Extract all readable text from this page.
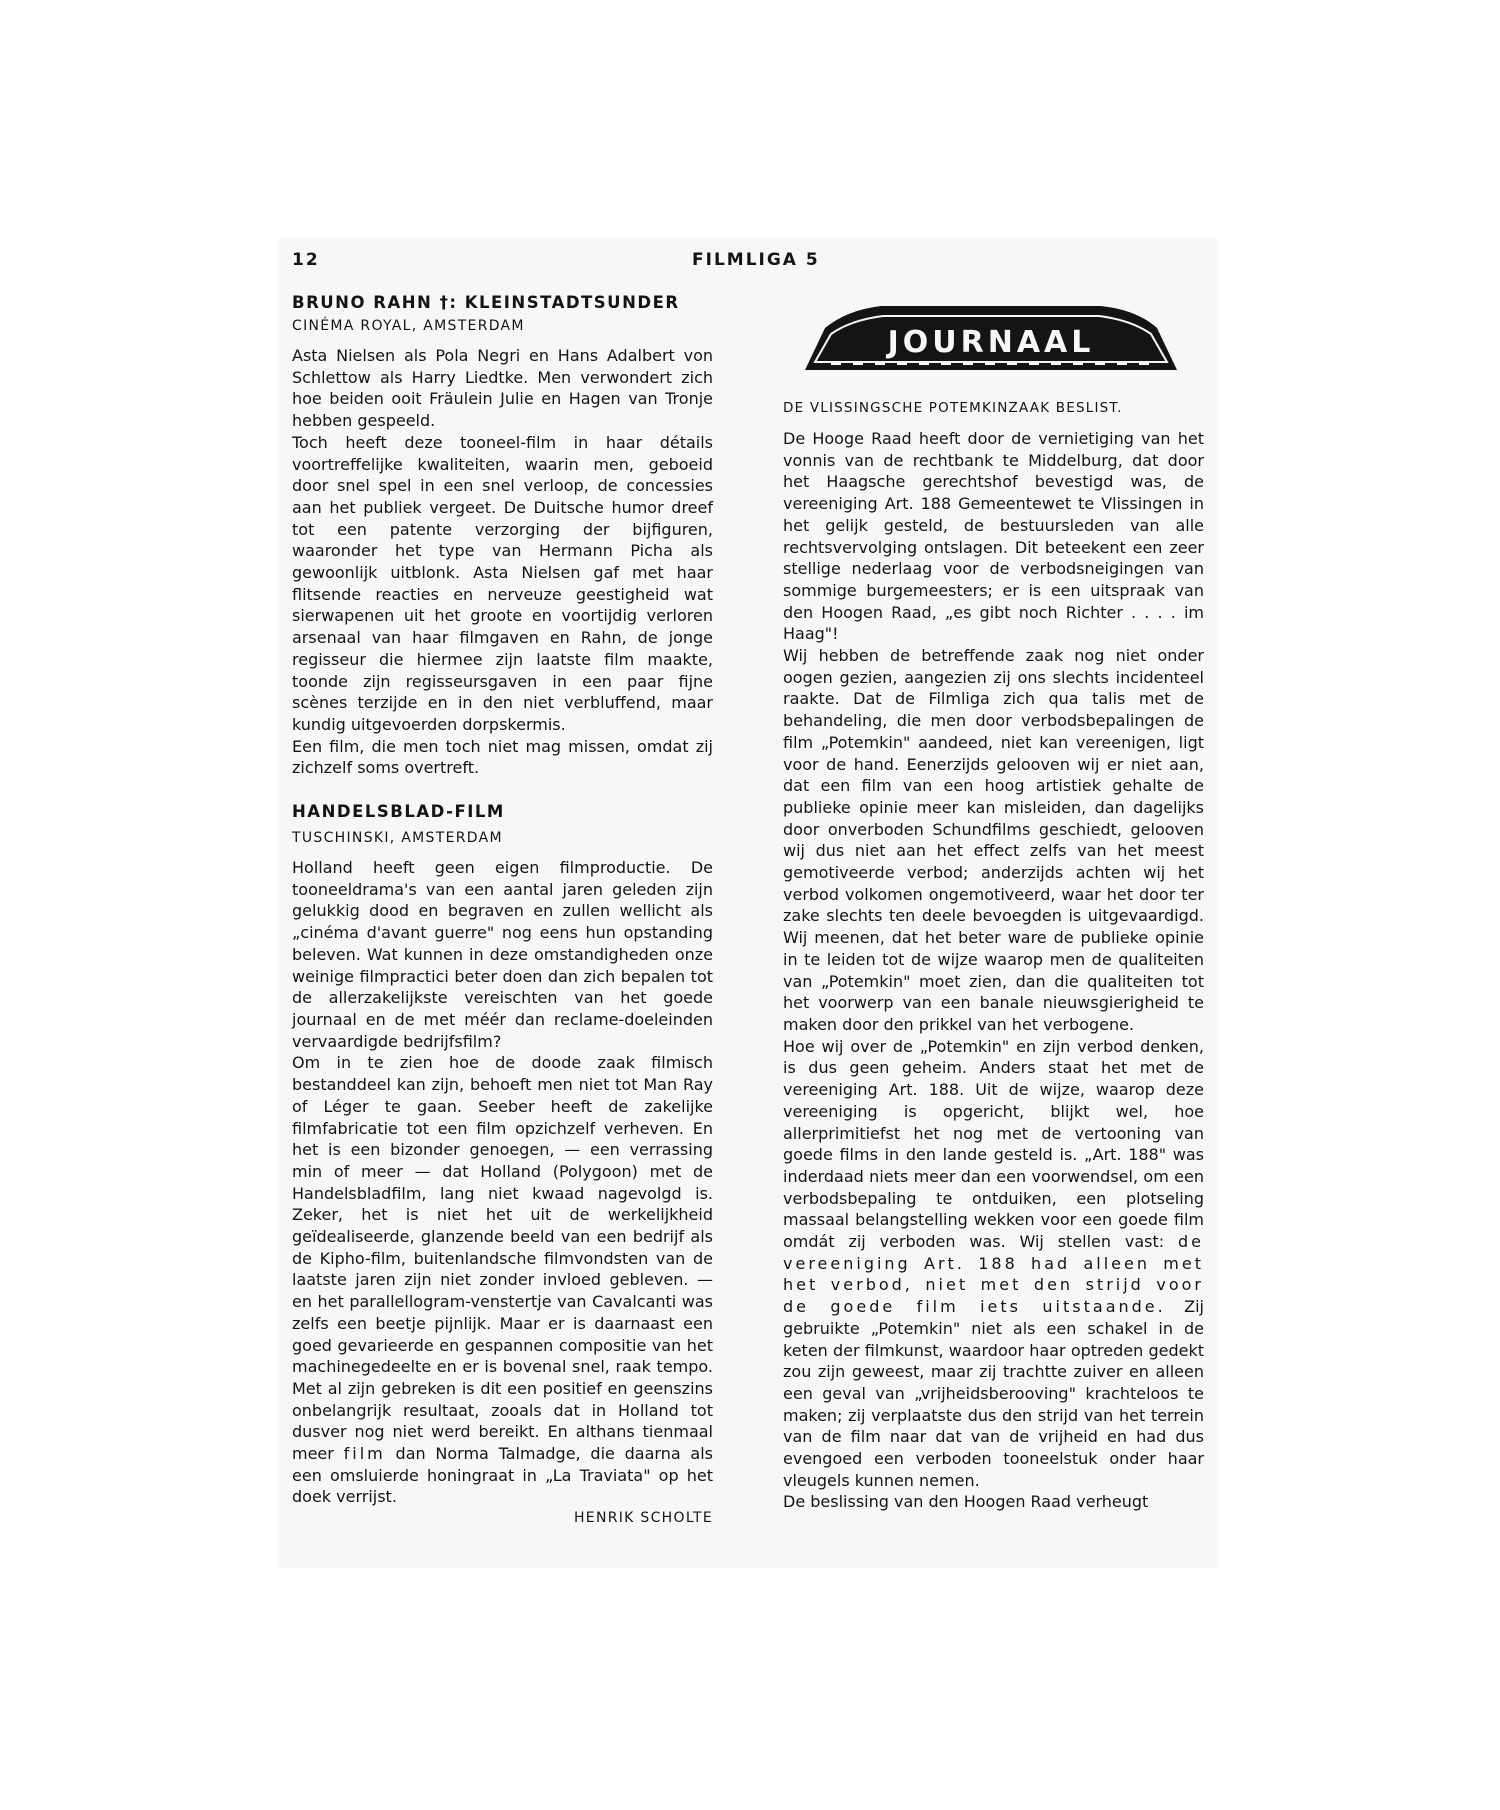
12	FILMLIGA 5

BRUNO RAHN †: KLEINSTADTSUNDER

CINÉMA ROYAL, AMSTERDAM

Asta Nielsen als Pola Negri en Hans Adalbert von Schlettow als Harry Liedtke. Men verwondert zich hoe beiden ooit Fräulein Julie en Hagen van Tronje hebben gespeeld.

Toch heeft deze tooneel-film in haar détails voortreffelijke kwaliteiten, waarin men, geboeid door snel spel in een snel verloop, de concessies aan het publiek vergeet. De Duitsche humor dreef tot een patente verzorging der bijfiguren, waaronder het type van Hermann Picha als gewoonlijk uitblonk. Asta Nielsen gaf met haar flitsende reacties en nerveuze geestigheid wat sierwapenen uit het groote en voortijdig verloren arsenaal van haar filmgaven en Rahn, de jonge regisseur die hiermee zijn laatste film maakte, toonde zijn regisseursgaven in een paar fijne scènes terzijde en in den niet verbluffend, maar kundig uitgevoerden dorpskermis.

Een film, die men toch niet mag missen, omdat zij zichzelf soms overtreft.

HANDELSBLAD-FILM

TUSCHINSKI, AMSTERDAM

Holland heeft geen eigen filmproductie. De tooneeldrama's van een aantal jaren geleden zijn gelukkig dood en begraven en zullen wellicht als „cinéma d'avant guerre" nog eens hun opstanding beleven. Wat kunnen in deze omstandigheden onze weinige filmpractici beter doen dan zich bepalen tot de allerzakelijkste vereischten van het goede journaal en de met méér dan reclame-doeleinden vervaardigde bedrijfsfilm?

Om in te zien hoe de doode zaak filmisch bestanddeel kan zijn, behoeft men niet tot Man Ray of Léger te gaan. Seeber heeft de zakelijke filmfabricatie tot een film opzichzelf verheven. En het is een bizonder genoegen, — een verrassing min of meer — dat Holland (Polygoon) met de Handelsbladfilm, lang niet kwaad nagevolgd is. Zeker, het is niet het uit de werkelijkheid geïdealiseerde, glanzende beeld van een bedrijf als de Kipho-film, buitenlandsche filmvondsten van de laatste jaren zijn niet zonder invloed gebleven. — en het parallellogram-venstertje van Cavalcanti was zelfs een beetje pijnlijk. Maar er is daarnaast een goed gevarieerde en gespannen compositie van het machinegedeelte en er is bovenal snel, raak tempo. Met al zijn gebreken is dit een positief en geenszins onbelangrijk resultaat, zooals dat in Holland tot dusver nog niet werd bereikt. En althans tienmaal meer film dan Norma Talmadge, die daarna als een omsluierde honingraat in „La Traviata" op het doek verrijst.

HENRIK SCHOLTE

JOURNAAL

DE VLISSINGSCHE POTEMKINZAAK BESLIST.

De Hooge Raad heeft door de vernietiging van het vonnis van de rechtbank te Middelburg, dat door het Haagsche gerechtshof bevestigd was, de vereeniging Art. 188 Gemeentewet te Vlissingen in het gelijk gesteld, de bestuursleden van alle rechtsvervolging ontslagen. Dit beteekent een zeer stellige nederlaag voor de verbodsneigingen van sommige burgemeesters; er is een uitspraak van den Hoogen Raad, „es gibt noch Richter . . . . im Haag"!

Wij hebben de betreffende zaak nog niet onder oogen gezien, aangezien zij ons slechts incidenteel raakte. Dat de Filmliga zich qua talis met de behandeling, die men door verbodsbepalingen de film „Potemkin" aandeed, niet kan vereenigen, ligt voor de hand. Eenerzijds gelooven wij er niet aan, dat een film van een hoog artistiek gehalte de publieke opinie meer kan misleiden, dan dagelijks door onverboden Schundfilms geschiedt, gelooven wij dus niet aan het effect zelfs van het meest gemotiveerde verbod; anderzijds achten wij het verbod volkomen ongemotiveerd, waar het door ter zake slechts ten deele bevoegden is uitgevaardigd. Wij meenen, dat het beter ware de publieke opinie in te leiden tot de wijze waarop men de qualiteiten van „Potemkin" moet zien, dan die qualiteiten tot het voorwerp van een banale nieuwsgierigheid te maken door den prikkel van het verbogene.

Hoe wij over de „Potemkin" en zijn verbod denken, is dus geen geheim. Anders staat het met de vereeniging Art. 188. Uit de wijze, waarop deze vereeniging is opgericht, blijkt wel, hoe allerprimitiefst het nog met de vertooning van goede films in den lande gesteld is. „Art. 188" was inderdaad niets meer dan een voorwendsel, om een verbodsbepaling te ontduiken, een plotseling massaal belangstelling wekken voor een goede film omdát zij verboden was. Wij stellen vast: de vereeniging Art. 188 had alleen met het verbod, niet met den strijd voor de goede film iets uitstaande. Zij gebruikte „Potemkin" niet als een schakel in de keten der filmkunst, waardoor haar optreden gedekt zou zijn geweest, maar zij trachtte zuiver en alleen een geval van „vrijheidsberooving" krachteloos te maken; zij verplaatste dus den strijd van het terrein van de film naar dat van de vrijheid en had dus evengoed een verboden tooneelstuk onder haar vleugels kunnen nemen.

De beslissing van den Hoogen Raad verheugt
